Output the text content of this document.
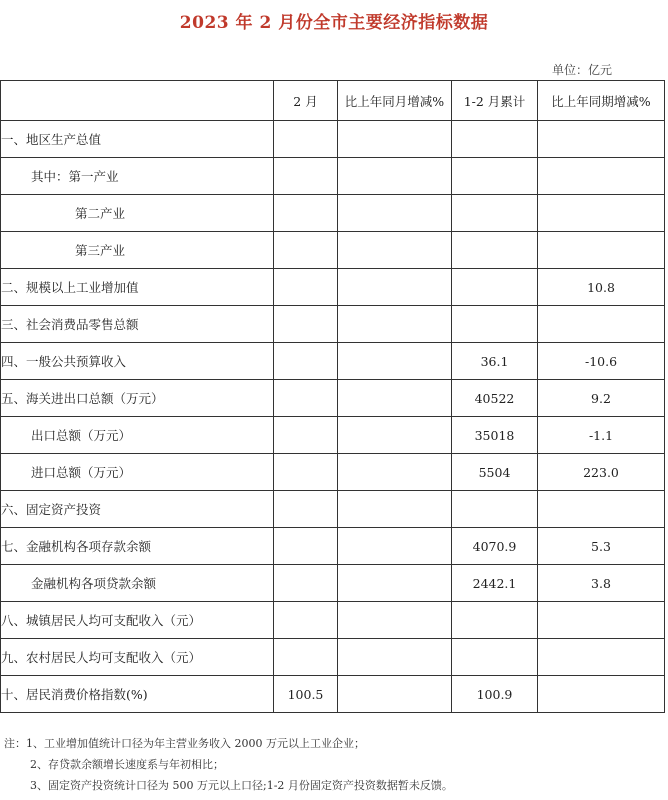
2023 年 2 月份全市主要经济指标数据
单位：亿元
	2 月	比上年同月增减%	1-2 月累计	比上年同期增减%
一、地区生产总值				
其中：第一产业				
第二产业				
第三产业				
二、规模以上工业增加值				10.8
三、社会消费品零售总额				
四、一般公共预算收入			36.1	-10.6
五、海关进出口总额（万元）			40522	9.2
出口总额（万元）			35018	-1.1
进口总额（万元）			5504	223.0
六、固定资产投资				
七、金融机构各项存款余额			4070.9	5.3
金融机构各项贷款余额			2442.1	3.8
八、城镇居民人均可支配收入（元）				
九、农村居民人均可支配收入（元）				
十、居民消费价格指数(%)	100.5		100.9	
注：1、工业增加值统计口径为年主营业务收入 2000 万元以上工业企业；
2、存贷款余额增长速度系与年初相比；
3、固定资产投资统计口径为 500 万元以上口径;1-2 月份固定资产投资数据暂未反馈。
